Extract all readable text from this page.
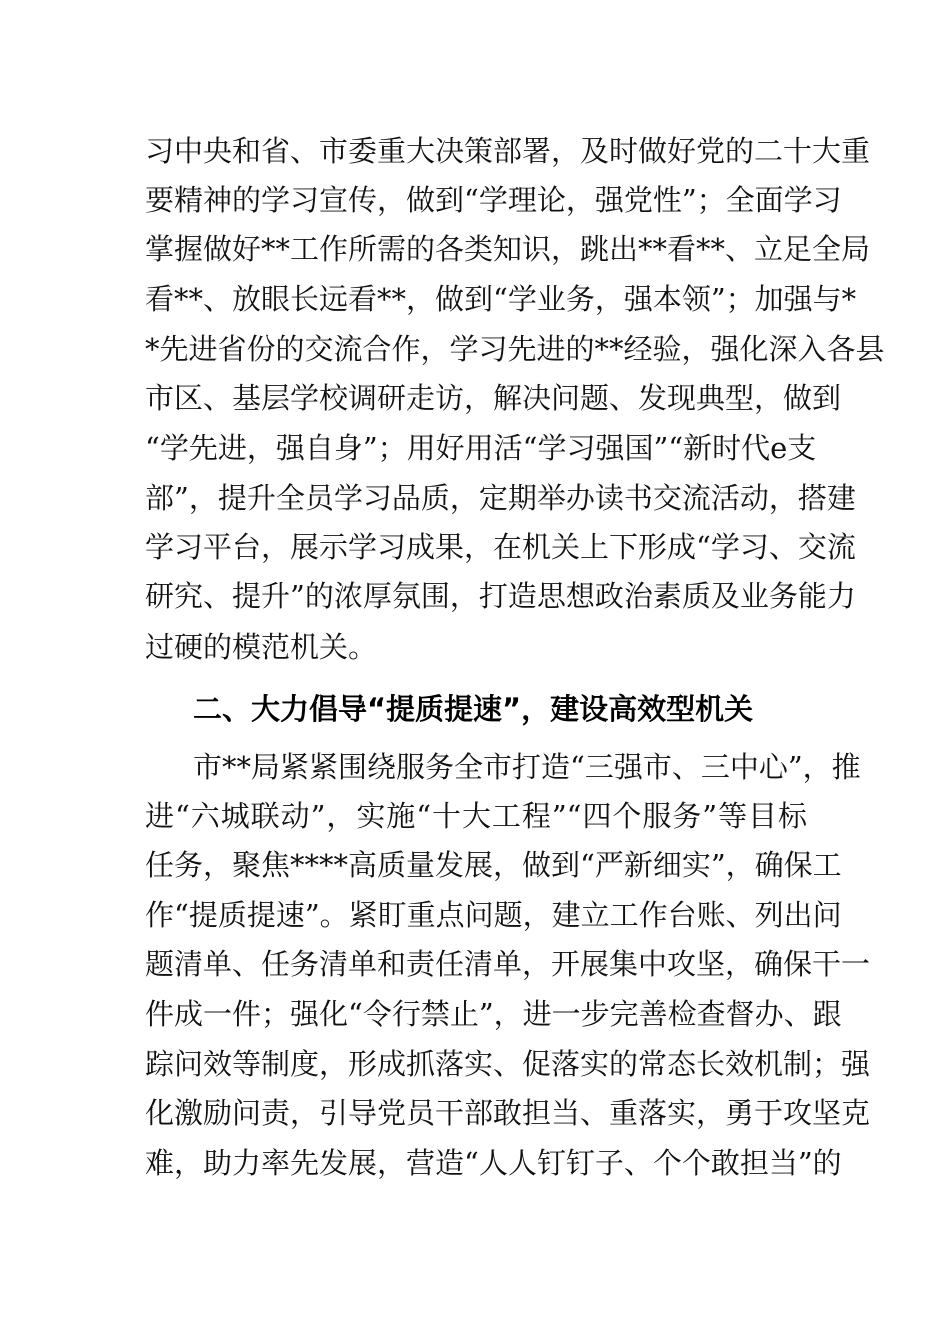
习中央和省、市委重大决策部署，及时做好党的二十大重
要精神的学习宣传，做到“学理论，强党性”；全面学习
掌握做好**工作所需的各类知识，跳出**看**、立足全局
看**、放眼长远看**，做到“学业务，强本领”；加强与*
*先进省份的交流合作，学习先进的**经验，强化深入各县
市区、基层学校调研走访，解决问题、发现典型，做到
“学先进，强自身”；用好用活“学习强国”“新时代e支
部”，提升全员学习品质，定期举办读书交流活动，搭建
学习平台，展示学习成果，在机关上下形成“学习、交流
研究、提升”的浓厚氛围，打造思想政治素质及业务能力
过硬的模范机关。
二、大力倡导“提质提速”，建设高效型机关
市**局紧紧围绕服务全市打造“三强市、三中心”，推
进“六城联动”，实施“十大工程”“四个服务”等目标
任务，聚焦****高质量发展，做到“严新细实”，确保工
作“提质提速”。紧盯重点问题，建立工作台账、列出问
题清单、任务清单和责任清单，开展集中攻坚，确保干一
件成一件；强化“令行禁止”，进一步完善检查督办、跟
踪问效等制度，形成抓落实、促落实的常态长效机制；强
化激励问责，引导党员干部敢担当、重落实，勇于攻坚克
难，助力率先发展，营造“人人钉钉子、个个敢担当”的
